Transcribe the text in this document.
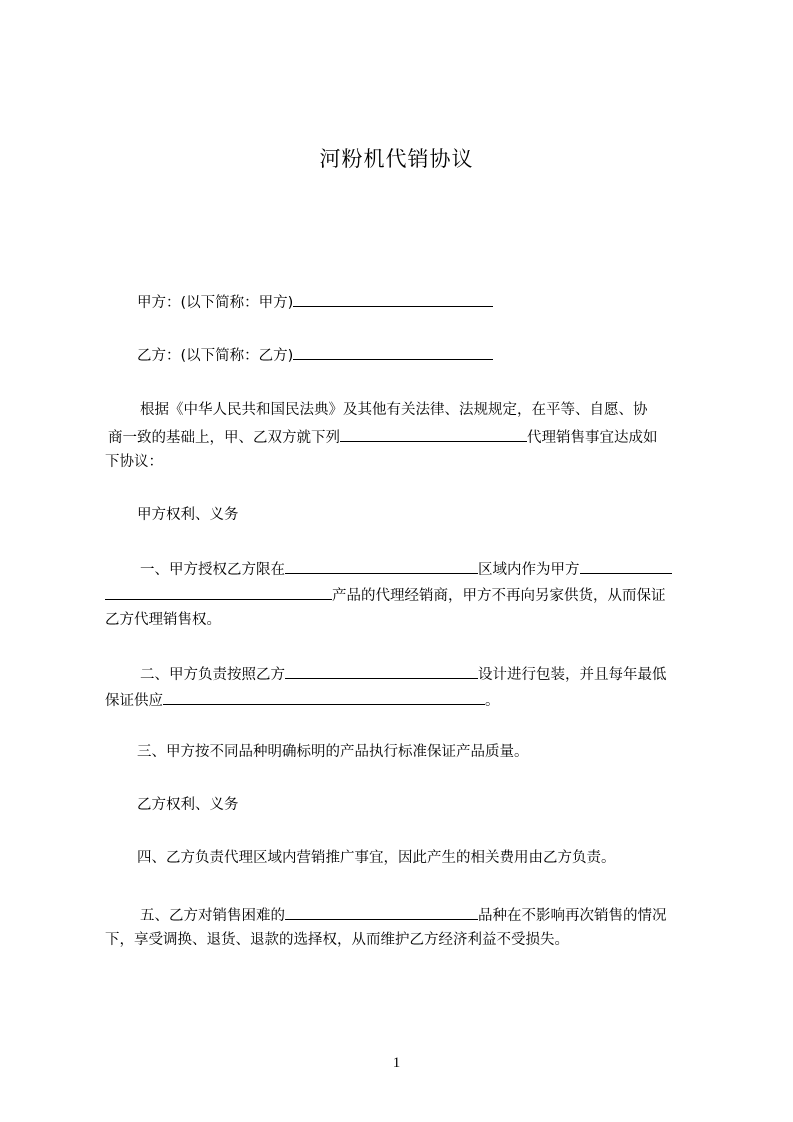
河粉机代销协议
甲方：(以下简称：甲方)
乙方：(以下简称：乙方)
根据《中华人民共和国民法典》及其他有关法律、法规规定，在平等、自愿、协
商一致的基础上，甲、乙双方就下列	代理销售事宜达成如
下协议：
甲方权利、义务
一、甲方授权乙方限在	区域内作为甲方
产品的代理经销商，甲方不再向另家供货，从而保证
乙方代理销售权。
二、甲方负责按照乙方	设计进行包装，并且每年最低
保证供应	。
三、甲方按不同品种明确标明的产品执行标准保证产品质量。
乙方权利、义务
四、乙方负责代理区域内营销推广事宜，因此产生的相关费用由乙方负责。
五、乙方对销售困难的	品种在不影响再次销售的情况
下，享受调换、退货、退款的选择权，从而维护乙方经济利益不受损失。
1
